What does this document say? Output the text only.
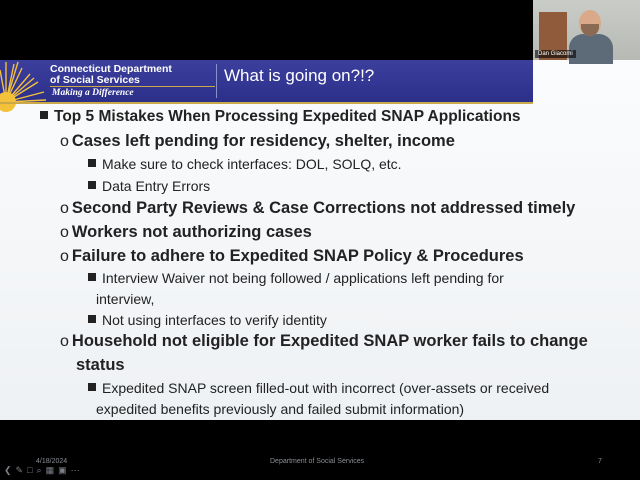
Connecticut Department
of Social Services
Making a Difference
What is going on?!?
Top 5 Mistakes When Processing Expedited SNAP Applications
o Cases left pending for residency, shelter, income
Make sure to check interfaces: DOL, SOLQ, etc.
Data Entry Errors
o Second Party Reviews & Case Corrections not addressed timely
o Workers not authorizing cases
o Failure to adhere to Expedited SNAP Policy & Procedures
Interview Waiver not being followed / applications left pending for
interview,
Not using interfaces to verify identity
o Household not eligible for Expedited SNAP worker fails to change
status
Expedited SNAP screen filled-out with incorrect (over-assets or received
expedited benefits previously and failed submit information)
4/18/2024	Department of Social Services	7
❮ ✎ □ ⌕ ▦ ▣ ⋯
Dan Giacomi
